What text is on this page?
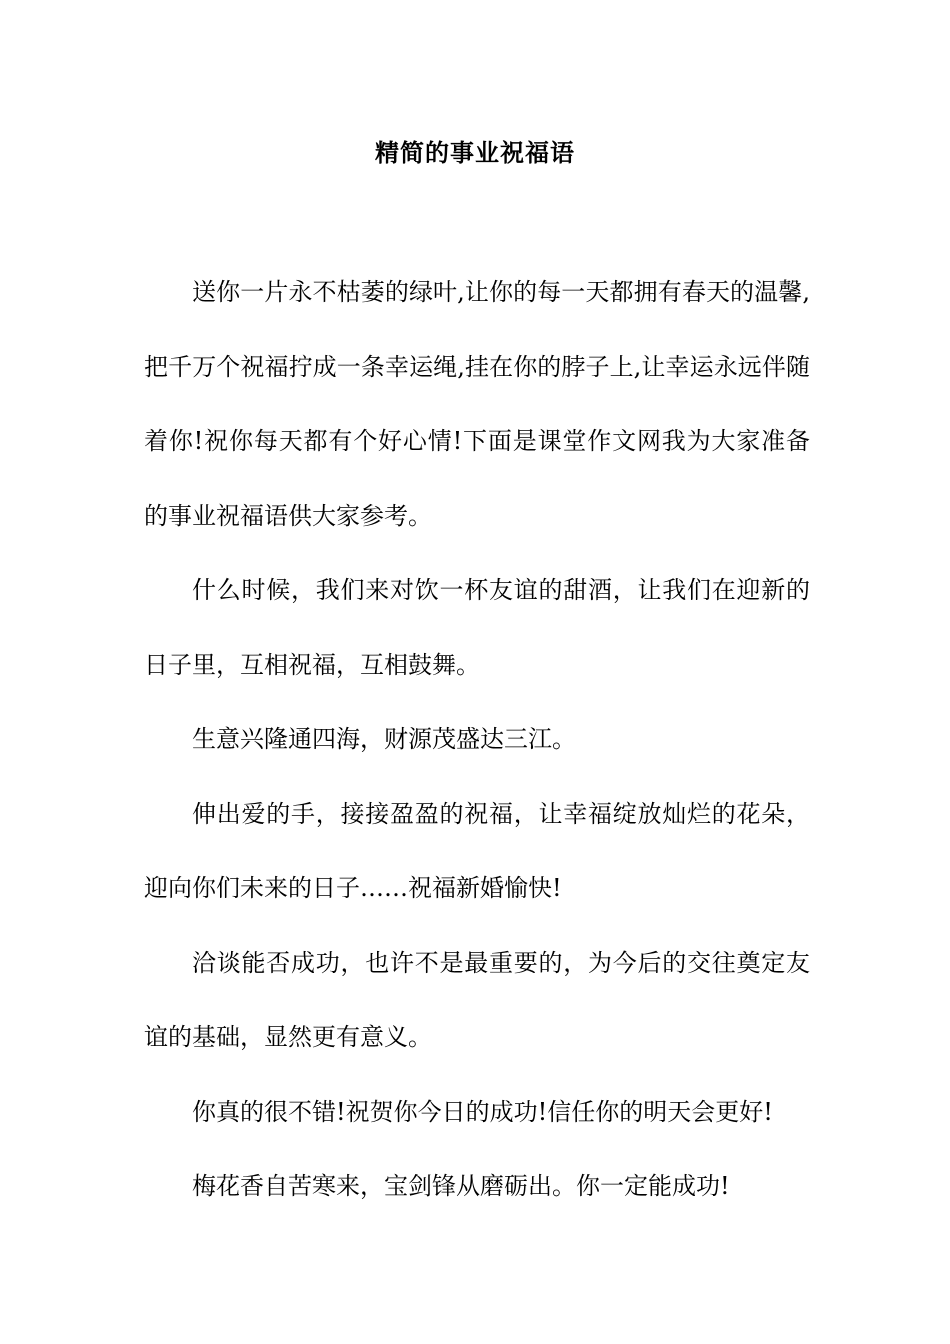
精简的事业祝福语

送你一片永不枯萎的绿叶,让你的每一天都拥有春天的温馨,把千万个祝福拧成一条幸运绳,挂在你的脖子上,让幸运永远伴随着你!祝你每天都有个好心情!下面是课堂作文网我为大家准备的事业祝福语供大家参考。

什么时候，我们来对饮一杯友谊的甜酒，让我们在迎新的日子里，互相祝福，互相鼓舞。

生意兴隆通四海，财源茂盛达三江。

伸出爱的手，接接盈盈的祝福，让幸福绽放灿烂的花朵，迎向你们未来的日子……祝福新婚愉快!

洽谈能否成功，也许不是最重要的，为今后的交往奠定友谊的基础，显然更有意义。

你真的很不错!祝贺你今日的成功!信任你的明天会更好!

梅花香自苦寒来，宝剑锋从磨砺出。你一定能成功!
